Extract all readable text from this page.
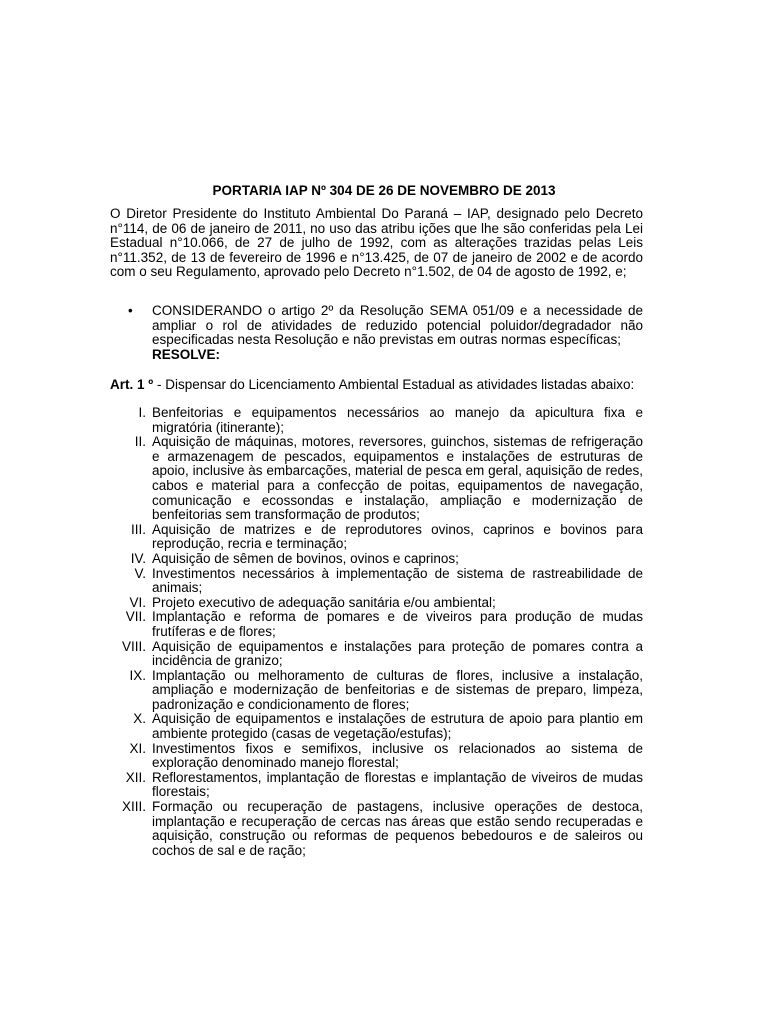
PORTARIA IAP Nº 304 DE 26 DE NOVEMBRO DE 2013
O Diretor Presidente do Instituto Ambiental Do Paraná – IAP, designado pelo Decreto n°114, de 06 de janeiro de 2011, no uso das atribu ições que lhe são conferidas pela Lei Estadual n°10.066, de 27 de julho de 1992, com as alterações trazidas pelas Leis n°11.352, de 13 de fevereiro de 1996 e n°13.425, de 07 de janeiro de 2002 e de acordo com o seu Regulamento, aprovado pelo Decreto n°1.502, de 04 de agosto de 1992, e;
•	CONSIDERANDO o artigo 2º da Resolução SEMA 051/09 e a necessidade de ampliar o rol de atividades de reduzido potencial poluidor/degradador não especificadas nesta Resolução e não previstas em outras normas específicas;
RESOLVE:
Art. 1 º - Dispensar do Licenciamento Ambiental Estadual as atividades listadas abaixo:
I. Benfeitorias e equipamentos necessários ao manejo da apicultura fixa e migratória (itinerante);
II. Aquisição de máquinas, motores, reversores, guinchos, sistemas de refrigeração e armazenagem de pescados, equipamentos e instalações de estruturas de apoio, inclusive às embarcações, material de pesca em geral, aquisição de redes, cabos e material para a confecção de poitas, equipamentos de navegação, comunicação e ecossondas e instalação, ampliação e modernização de benfeitorias sem transformação de produtos;
III. Aquisição de matrizes e de reprodutores ovinos, caprinos e bovinos para reprodução, recria e terminação;
IV. Aquisição de sêmen de bovinos, ovinos e caprinos;
V. Investimentos necessários à implementação de sistema de rastreabilidade de animais;
VI. Projeto executivo de adequação sanitária e/ou ambiental;
VII. Implantação e reforma de pomares e de viveiros para produção de mudas frutíferas e de flores;
VIII. Aquisição de equipamentos e instalações para proteção de pomares contra a incidência de granizo;
IX. Implantação ou melhoramento de culturas de flores, inclusive a instalação, ampliação e modernização de benfeitorias e de sistemas de preparo, limpeza, padronização e condicionamento de flores;
X. Aquisição de equipamentos e instalações de estrutura de apoio para plantio em ambiente protegido (casas de vegetação/estufas);
XI. Investimentos fixos e semifixos, inclusive os relacionados ao sistema de exploração denominado manejo florestal;
XII. Reflorestamentos, implantação de florestas e implantação de viveiros de mudas florestais;
XIII. Formação ou recuperação de pastagens, inclusive operações de destoca, implantação e recuperação de cercas nas áreas que estão sendo recuperadas e aquisição, construção ou reformas de pequenos bebedouros e de saleiros ou cochos de sal e de ração;
